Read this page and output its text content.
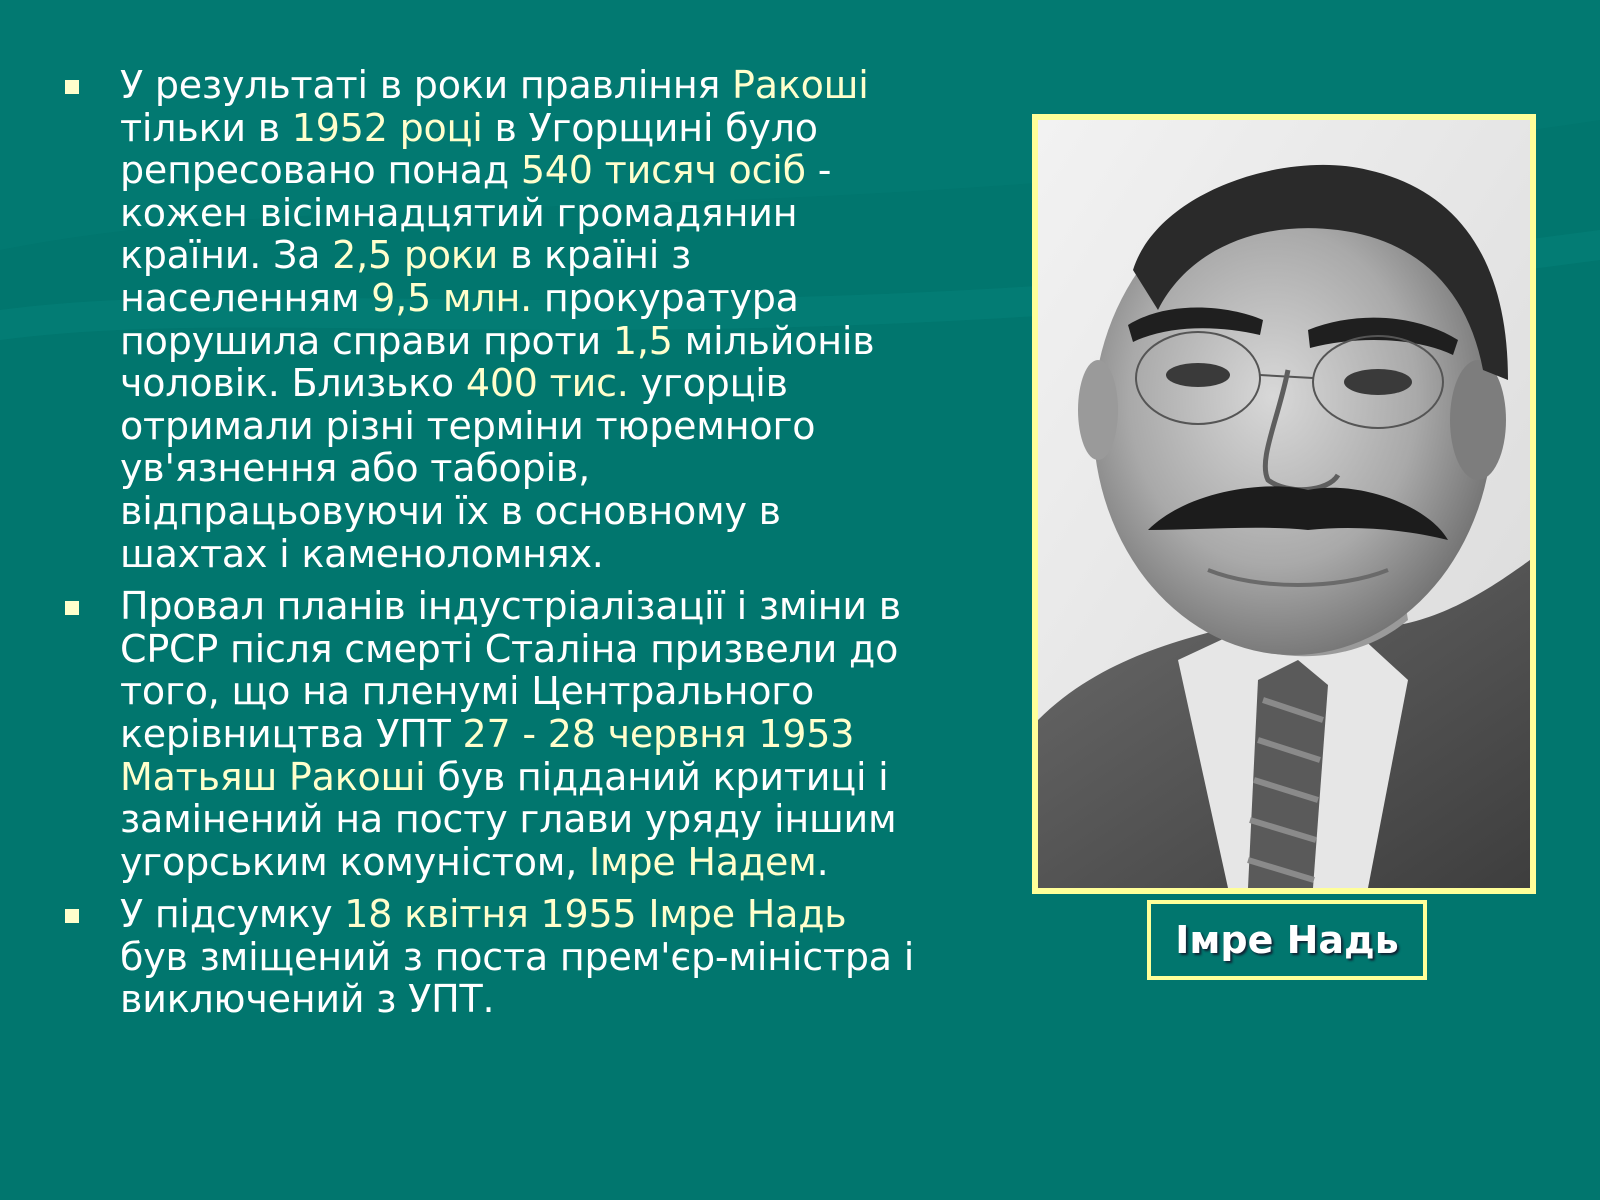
У результаті в роки правління Ракоші тільки в 1952 році в Угорщині було репресовано понад 540 тисяч осіб - кожен вісімнадцятий громадянин країни. За 2,5 роки в країні з населенням 9,5 млн. прокуратура порушила справи проти 1,5 мільйонів чоловік. Близько 400 тис. угорців отримали різні терміни тюремного ув'язнення або таборів, відпрацьовуючи їх в основному в шахтах і каменоломнях.
Провал планів індустріалізації і зміни в СРСР після смерті Сталіна призвели до того, що на пленумі Центрального керівництва УПТ 27 - 28 червня 1953 Матьяш Ракоші був підданий критиці і замінений на посту глави уряду іншим угорським комуністом, Імре Надем.
У підсумку 18 квітня 1955 Імре Надь був зміщений з поста прем'єр-міністра і виключений з УПТ.
Імре Надь
